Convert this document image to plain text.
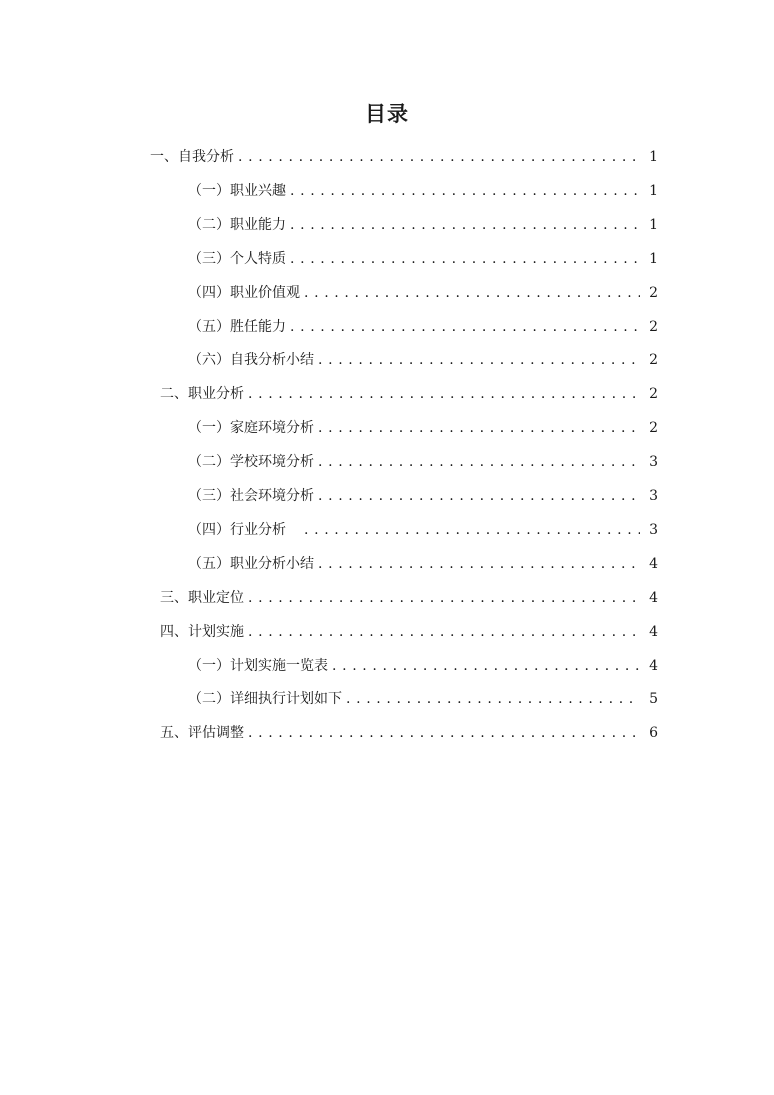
目录
一、自我分析 . . .	1
（一）职业兴趣 . . .	1
（二）职业能力 . . .	1
（三）个人特质 . . .	1
（四）职业价值观 . . .	2
（五）胜任能力 . . .	2
（六）自我分析小结 . . .	2
二、职业分析 . . .	2
（一）家庭环境分析 . . .	2
（二）学校环境分析 . . .	3
（三）社会环境分析 . . .	3
（四）行业分析　 . . .	3
（五）职业分析小结 . . .	4
三、职业定位 . . .	4
四、计划实施 . . .	4
（一）计划实施一览表 . . .	4
（二）详细执行计划如下 . . .	5
五、评估调整 . . .	6
